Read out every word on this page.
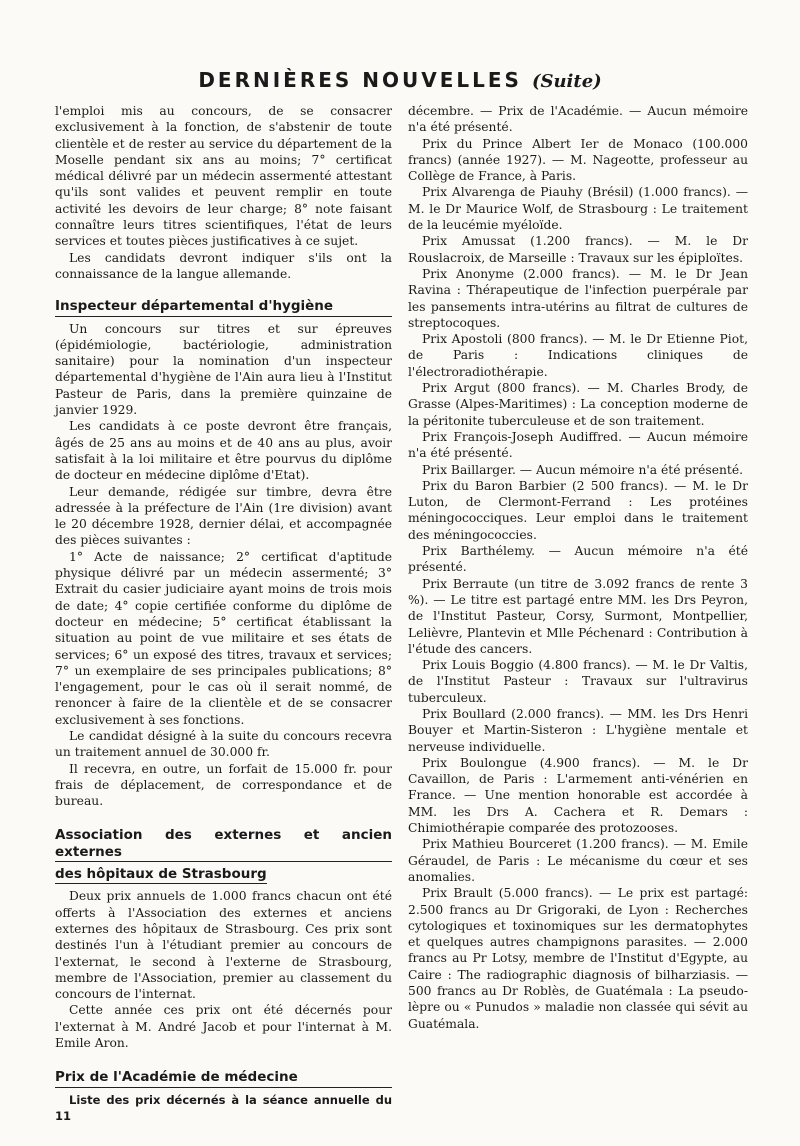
DERNIÈRES NOUVELLES (Suite)

l'emploi mis au concours, de se consacrer exclusivement à la fonction, de s'abstenir de toute clientèle et de rester au service du département de la Moselle pendant six ans au moins; 7° certificat médical délivré par un médecin assermenté attestant qu'ils sont valides et peuvent remplir en toute activité les devoirs de leur charge; 8° note faisant connaître leurs titres scientifiques, l'état de leurs services et toutes pièces justificatives à ce sujet.

Les candidats devront indiquer s'ils ont la connaissance de la langue allemande.

Inspecteur départemental d'hygiène

Un concours sur titres et sur épreuves (épidémiologie, bactériologie, administration sanitaire) pour la nomination d'un inspecteur départemental d'hygiène de l'Ain aura lieu à l'Institut Pasteur de Paris, dans la première quinzaine de janvier 1929.

Les candidats à ce poste devront être français, âgés de 25 ans au moins et de 40 ans au plus, avoir satisfait à la loi militaire et être pourvus du diplôme de docteur en médecine diplôme d'Etat).

Leur demande, rédigée sur timbre, devra être adressée à la préfecture de l'Ain (1re division) avant le 20 décembre 1928, dernier délai, et accompagnée des pièces suivantes :

1° Acte de naissance; 2° certificat d'aptitude physique délivré par un médecin assermenté; 3° Extrait du casier judiciaire ayant moins de trois mois de date; 4° copie certifiée conforme du diplôme de docteur en médecine; 5° certificat établissant la situation au point de vue militaire et ses états de services; 6° un exposé des titres, travaux et services; 7° un exemplaire de ses principales publications; 8° l'engagement, pour le cas où il serait nommé, de renoncer à faire de la clientèle et de se consacrer exclusivement à ses fonctions.

Le candidat désigné à la suite du concours recevra un traitement annuel de 30.000 fr.

Il recevra, en outre, un forfait de 15.000 fr. pour frais de déplacement, de correspondance et de bureau.

Association des externes et ancien externes
des hôpitaux de Strasbourg

Deux prix annuels de 1.000 francs chacun ont été offerts à l'Association des externes et anciens externes des hôpitaux de Strasbourg. Ces prix sont destinés l'un à l'étudiant premier au concours de l'externat, le second à l'externe de Strasbourg, membre de l'Association, premier au classement du concours de l'internat.

Cette année ces prix ont été décernés pour l'externat à M. André Jacob et pour l'internat à M. Emile Aron.

Prix de l'Académie de médecine

Liste des prix décernés à la séance annuelle du 11

décembre. — Prix de l'Académie. — Aucun mémoire n'a été présenté.

Prix du Prince Albert Ier de Monaco (100.000 francs) (année 1927). — M. Nageotte, professeur au Collège de France, à Paris.

Prix Alvarenga de Piauhy (Brésil) (1.000 francs). — M. le Dr Maurice Wolf, de Strasbourg : Le traitement de la leucémie myéloïde.

Prix Amussat (1.200 francs). — M. le Dr Rouslacroix, de Marseille : Travaux sur les épiploïtes.

Prix Anonyme (2.000 francs). — M. le Dr Jean Ravina : Thérapeutique de l'infection puerpérale par les pansements intra-utérins au filtrat de cultures de streptocoques.

Prix Apostoli (800 francs). — M. le Dr Etienne Piot, de Paris : Indications cliniques de l'électroradiothérapie.

Prix Argut (800 francs). — M. Charles Brody, de Grasse (Alpes-Maritimes) : La conception moderne de la péritonite tuberculeuse et de son traitement.

Prix François-Joseph Audiffred. — Aucun mémoire n'a été présenté.

Prix Baillarger. — Aucun mémoire n'a été présenté.

Prix du Baron Barbier (2 500 francs). — M. le Dr Luton, de Clermont-Ferrand : Les protéines méningococciques. Leur emploi dans le traitement des méningococcies.

Prix Barthélemy. — Aucun mémoire n'a été présenté.

Prix Berraute (un titre de 3.092 francs de rente 3 %). — Le titre est partagé entre MM. les Drs Peyron, de l'Institut Pasteur, Corsy, Surmont, Montpellier, Lelièvre, Plantevin et Mlle Péchenard : Contribution à l'étude des cancers.

Prix Louis Boggio (4.800 francs). — M. le Dr Valtis, de l'Institut Pasteur : Travaux sur l'ultravirus tuberculeux.

Prix Boullard (2.000 francs). — MM. les Drs Henri Bouyer et Martin-Sisteron : L'hygiène mentale et nerveuse individuelle.

Prix Boulongue (4.900 francs). — M. le Dr Cavaillon, de Paris : L'armement anti-vénérien en France. — Une mention honorable est accordée à MM. les Drs A. Cachera et R. Demars : Chimiothérapie comparée des protozooses.

Prix Mathieu Bourceret (1.200 francs). — M. Emile Géraudel, de Paris : Le mécanisme du cœur et ses anomalies.

Prix Brault (5.000 francs). — Le prix est partagé: 2.500 francs au Dr Grigoraki, de Lyon : Recherches cytologiques et toxinomiques sur les dermatophytes et quelques autres champignons parasites. — 2.000 francs au Pr Lotsy, membre de l'Institut d'Egypte, au Caire : The radiographic diagnosis of bilharziasis. — 500 francs au Dr Roblès, de Guatémala : La pseudo-lèpre ou « Punudos » maladie non classée qui sévit au Guatémala.
